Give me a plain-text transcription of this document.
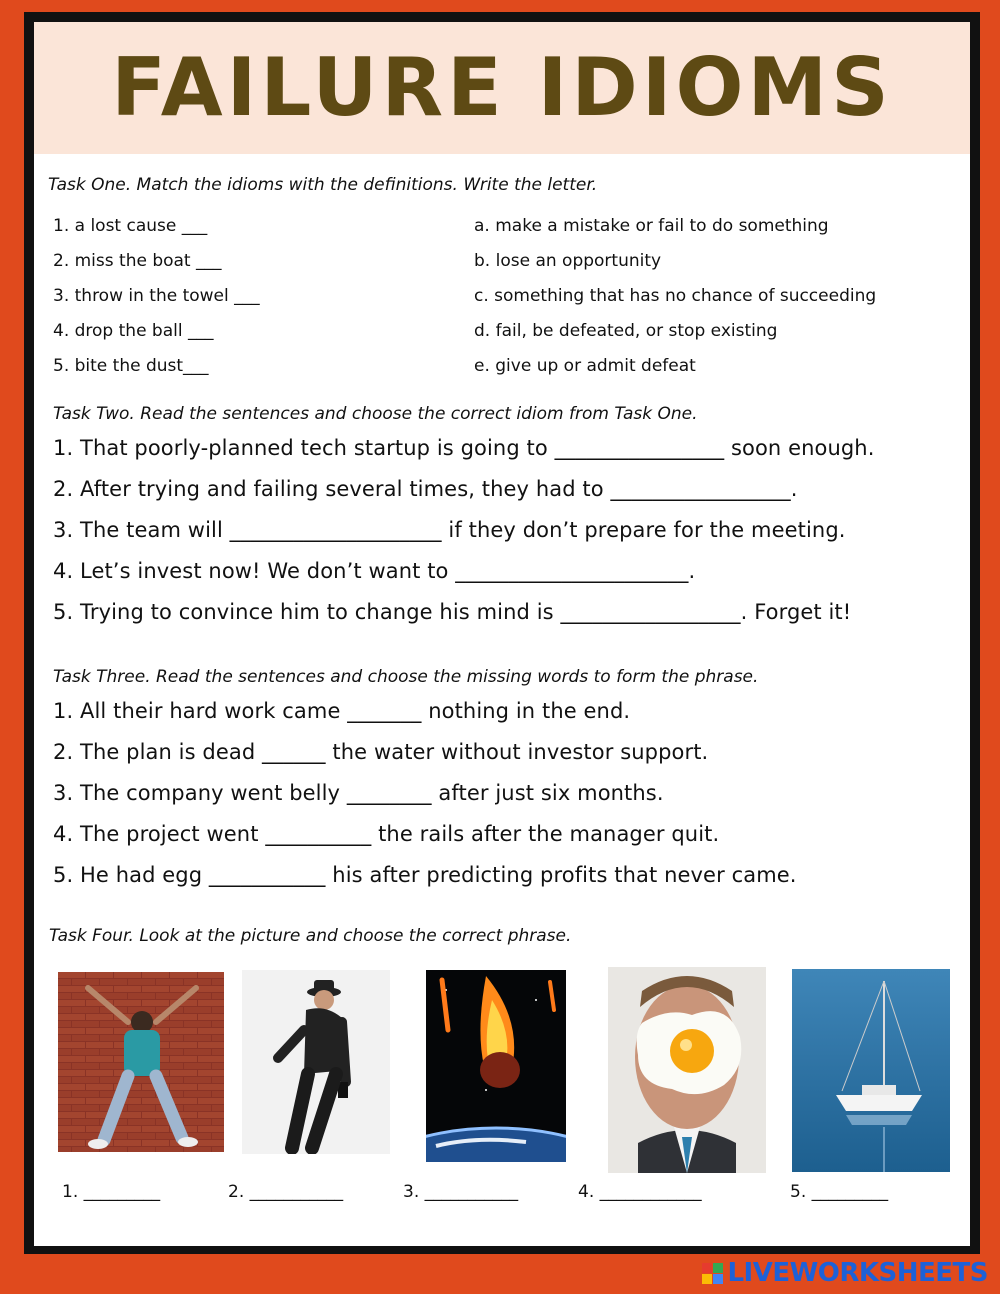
FAILURE IDIOMS
Task One. Match the idioms with the definitions. Write the letter.
1. a lost cause ___
2. miss the boat ___
3. throw in the towel ___
4. drop the ball ___
5. bite the dust___
a. make a mistake or fail to do something
b. lose an opportunity
c. something that has no chance of succeeding
d. fail, be defeated, or stop existing
e. give up or admit defeat
Task Two. Read the sentences and choose the correct idiom from Task One.
1. That poorly-planned tech startup is going to ________________ soon enough.
2. After trying and failing several times, they had to _________________.
3. The team will ____________________ if they don’t prepare for the meeting.
4. Let’s invest now! We don’t want to ______________________.
5. Trying to convince him to change his mind is _________________. Forget it!
Task Three. Read the sentences and choose the missing words to form the phrase.
1. All their hard work came _______ nothing in the end.
2. The plan is dead ______ the water without investor support.
3. The company went belly ________ after just six months.
4. The project went __________ the rails after the manager quit.
5. He had egg ___________ his after predicting profits that never came.
Task Four. Look at the picture and choose the correct phrase.
1. _________	2. ___________	3. ___________	4. ____________	5. _________
LIVEWORKSHEETS
